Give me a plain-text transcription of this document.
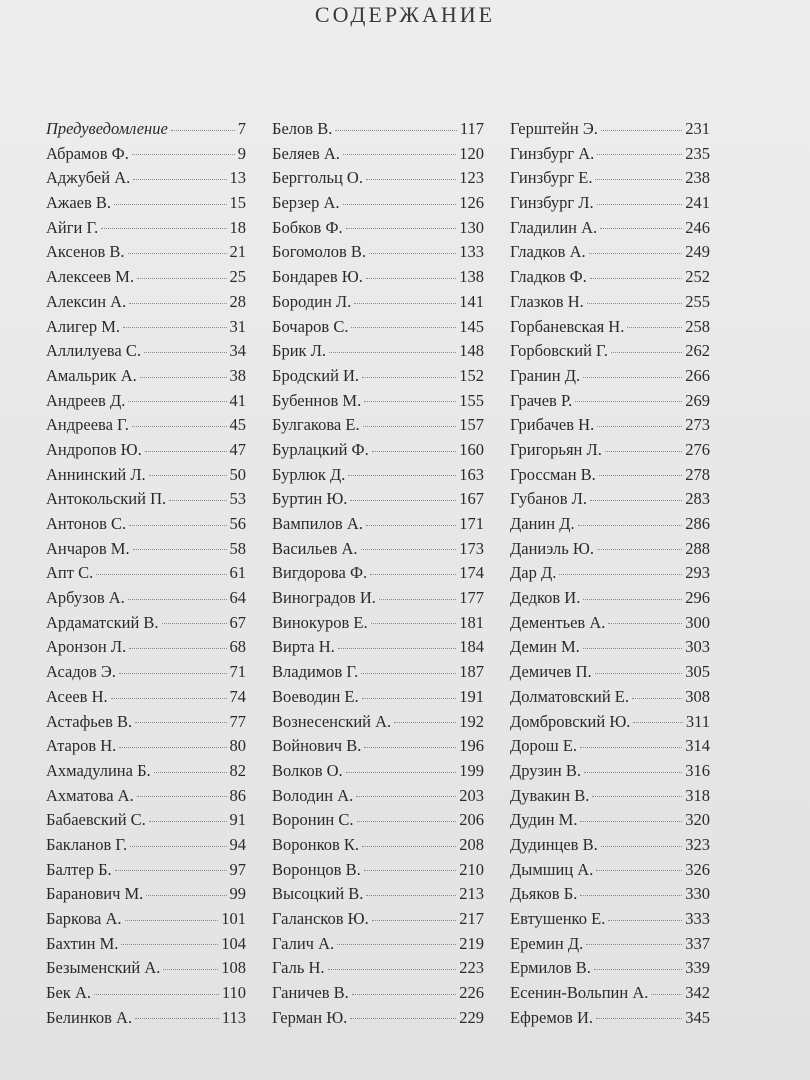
СОДЕРЖАНИЕ
Предуведомление	7
Абрамов Ф.	9
Аджубей А.	13
Ажаев В.	15
Айги Г.	18
Аксенов В.	21
Алексеев М.	25
Алексин А.	28
Алигер М.	31
Аллилуева С.	34
Амальрик А.	38
Андреев Д.	41
Андреева Г.	45
Андропов Ю.	47
Аннинский Л.	50
Антокольский П.	53
Антонов С.	56
Анчаров М.	58
Апт С.	61
Арбузов А.	64
Ардаматский В.	67
Аронзон Л.	68
Асадов Э.	71
Асеев Н.	74
Астафьев В.	77
Атаров Н.	80
Ахмадулина Б.	82
Ахматова А.	86
Бабаевский С.	91
Бакланов Г.	94
Балтер Б.	97
Баранович М.	99
Баркова А.	101
Бахтин М.	104
Безыменский А.	108
Бек А.	110
Белинков А.	113
Белов В.	117
Беляев А.	120
Берггольц О.	123
Берзер А.	126
Бобков Ф.	130
Богомолов В.	133
Бондарев Ю.	138
Бородин Л.	141
Бочаров С.	145
Брик Л.	148
Бродский И.	152
Бубеннов М.	155
Булгакова Е.	157
Бурлацкий Ф.	160
Бурлюк Д.	163
Буртин Ю.	167
Вампилов А.	171
Васильев А.	173
Вигдорова Ф.	174
Виноградов И.	177
Винокуров Е.	181
Вирта Н.	184
Владимов Г.	187
Воеводин Е.	191
Вознесенский А.	192
Войнович В.	196
Волков О.	199
Володин А.	203
Воронин С.	206
Воронков К.	208
Воронцов В.	210
Высоцкий В.	213
Галансков Ю.	217
Галич А.	219
Галь Н.	223
Ганичев В.	226
Герман Ю.	229
Герштейн Э.	231
Гинзбург А.	235
Гинзбург Е.	238
Гинзбург Л.	241
Гладилин А.	246
Гладков А.	249
Гладков Ф.	252
Глазков Н.	255
Горбаневская Н.	258
Горбовский Г.	262
Гранин Д.	266
Грачев Р.	269
Грибачев Н.	273
Григорьян Л.	276
Гроссман В.	278
Губанов Л.	283
Данин Д.	286
Даниэль Ю.	288
Дар Д.	293
Дедков И.	296
Дементьев А.	300
Демин М.	303
Демичев П.	305
Долматовский Е.	308
Домбровский Ю.	311
Дорош Е.	314
Друзин В.	316
Дувакин В.	318
Дудин М.	320
Дудинцев В.	323
Дымшиц А.	326
Дьяков Б.	330
Евтушенко Е.	333
Еремин Д.	337
Ермилов В.	339
Есенин-Вольпин А. 342
Ефремов И.	345
